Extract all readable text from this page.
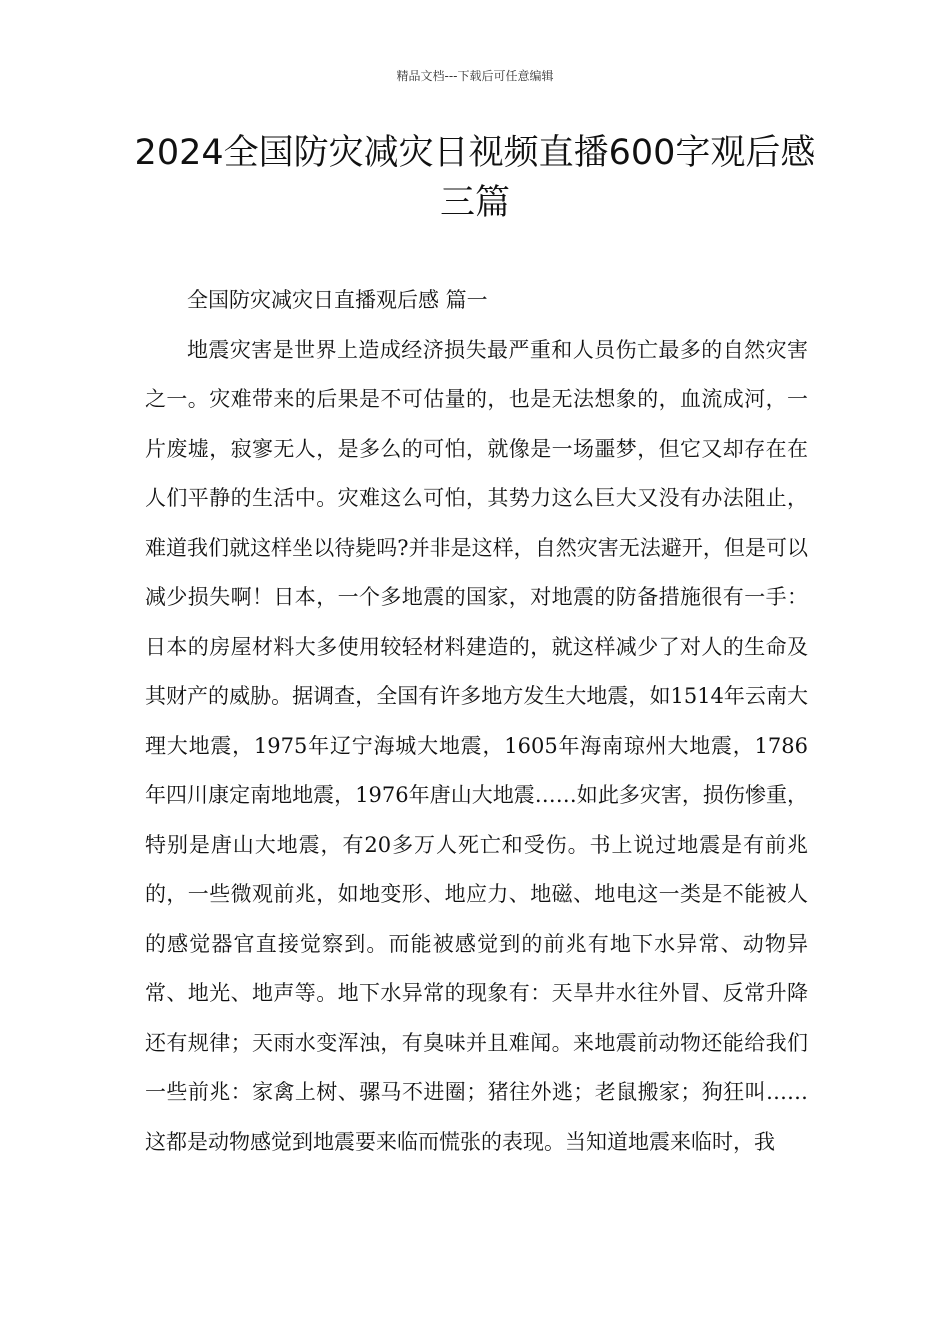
精品文档---下载后可任意编辑
2024全国防灾减灾日视频直播600字观后感三篇

全国防灾减灾日直播观后感 篇一

地震灾害是世界上造成经济损失最严重和人员伤亡最多的自然灾害之一。灾难带来的后果是不可估量的，也是无法想象的，血流成河，一片废墟，寂寥无人，是多么的可怕，就像是一场噩梦，但它又却存在在人们平静的生活中。灾难这么可怕，其势力这么巨大又没有办法阻止，难道我们就这样坐以待毙吗?并非是这样，自然灾害无法避开，但是可以减少损失啊！日本，一个多地震的国家，对地震的防备措施很有一手：日本的房屋材料大多使用较轻材料建造的，就这样减少了对人的生命及其财产的威胁。据调查，全国有许多地方发生大地震，如1514年云南大理大地震，1975年辽宁海城大地震，1605年海南琼州大地震，1786年四川康定南地地震，1976年唐山大地震……如此多灾害，损伤惨重，特别是唐山大地震，有20多万人死亡和受伤。书上说过地震是有前兆的，一些微观前兆，如地变形、地应力、地磁、地电这一类是不能被人的感觉器官直接觉察到。而能被感觉到的前兆有地下水异常、动物异常、地光、地声等。地下水异常的现象有：天旱井水往外冒、反常升降还有规律；天雨水变浑浊，有臭味并且难闻。来地震前动物还能给我们一些前兆：家禽上树、骡马不进圈；猪往外逃；老鼠搬家；狗狂叫……这都是动物感觉到地震要来临而慌张的表现。当知道地震来临时，我
